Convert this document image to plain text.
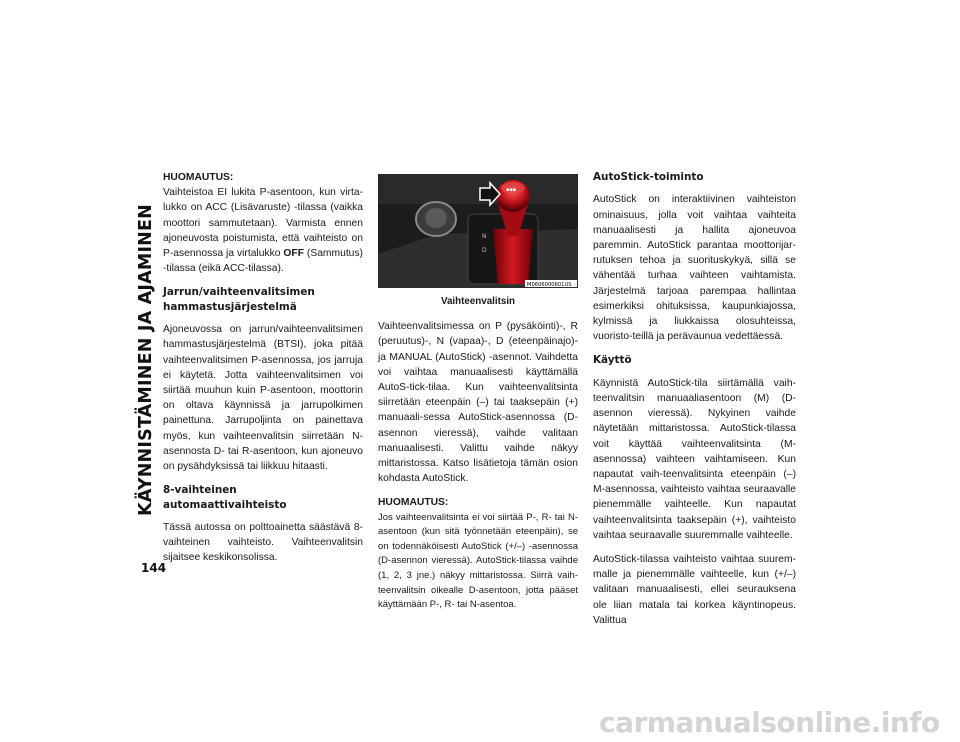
KÄYNNISTÄMINEN JA AJAMINEN
144

HUOMAUTUS:

Vaihteistoa EI lukita P-asentoon, kun virta-lukko on ACC (Lisävaruste) -tilassa (vaikka moottori sammutetaan). Varmista ennen ajoneuvosta poistumista, että vaihteisto on P-asennossa ja virtalukko OFF (Sammutus) -tilassa (eikä ACC-tilassa).

Jarrun/vaihteenvalitsimen hammastusjärjestelmä

Ajoneuvossa on jarrun/vaihteenvalitsimen hammastusjärjestelmä (BTSI), joka pitää vaihteenvalitsimen P-asennossa, jos jarruja ei käytetä. Jotta vaihteenvalitsimen voi siirtää muuhun kuin P-asentoon, moottorin on oltava käynnissä ja jarrupolkimen painettuna. Jarrupoljinta on painettava myös, kun vaihteenvalitsin siirretään N-asennosta D- tai R-asentoon, kun ajoneuvo on pysähdyksissä tai liikkuu hitaasti.

8-vaihteinen automaattivaihteisto

Tässä autossa on polttoainetta säästävä 8-vaihteinen vaihteisto. Vaihteenvalitsin sijaitsee keskikonsolissa.

D
N
▪▪▪
M0606000601US

Vaihteenvalitsin

Vaihteenvalitsimessa on P (pysäköinti)-, R (peruutus)-, N (vapaa)-, D (eteenpäinajo)- ja MANUAL (AutoStick) -asennot. Vaihdetta voi vaihtaa manuaalisesti käyttämällä AutoS-tick-tilaa. Kun vaihteenvalitsinta siirretään eteenpäin (–) tai taaksepäin (+) manuaali-sessa AutoStick-asennossa (D-asennon vieressä), vaihde valitaan manuaalisesti. Valittu vaihde näkyy mittaristossa. Katso lisätietoja tämän osion kohdasta AutoStick.

HUOMAUTUS:

Jos vaihteenvalitsinta ei voi siirtää P-, R- tai N-asentoon (kun sitä työnnetään eteenpäin), se on todennäköisesti AutoStick (+/–) -asennossa (D-asennon vieressä). AutoStick-tilassa vaihde (1, 2, 3 jne.) näkyy mittaristossa. Siirrä vaih-teenvalitsin oikealle D-asentoon, jotta pääset käyttämään P-, R- tai N-asentoa.

AutoStick-toiminto

AutoStick on interaktiivinen vaihteiston ominaisuus, jolla voit vaihtaa vaihteita manuaalisesti ja hallita ajoneuvoa paremmin. AutoStick parantaa moottorijar-rutuksen tehoa ja suorituskykyä, sillä se vähentää turhaa vaihteen vaihtamista. Järjestelmä tarjoaa parempaa hallintaa esimerkiksi ohituksissa, kaupunkiajossa, kylmissä ja liukkaissa olosuhteissa, vuoristo-teillä ja perävaunua vedettäessä.

Käyttö

Käynnistä AutoStick-tila siirtämällä vaih-teenvalitsin manuaaliasentoon (M) (D-asennon vieressä). Nykyinen vaihde näytetään mittaristossa. AutoStick-tilassa voit käyttää vaihteenvalitsinta (M-asennossa) vaihteen vaihtamiseen. Kun napautat vaih-teenvalitsinta eteenpäin (–) M-asennossa, vaihteisto vaihtaa seuraavalle pienemmälle vaihteelle. Kun napautat vaihteenvalitsinta taaksepäin (+), vaihteisto vaihtaa seuraavalle suuremmalle vaihteelle.

AutoStick-tilassa vaihteisto vaihtaa suurem-malle ja pienemmälle vaihteelle, kun (+/–) valitaan manuaalisesti, ellei seurauksena ole liian matala tai korkea käyntinopeus. Valittua

carmanualsonline.info
